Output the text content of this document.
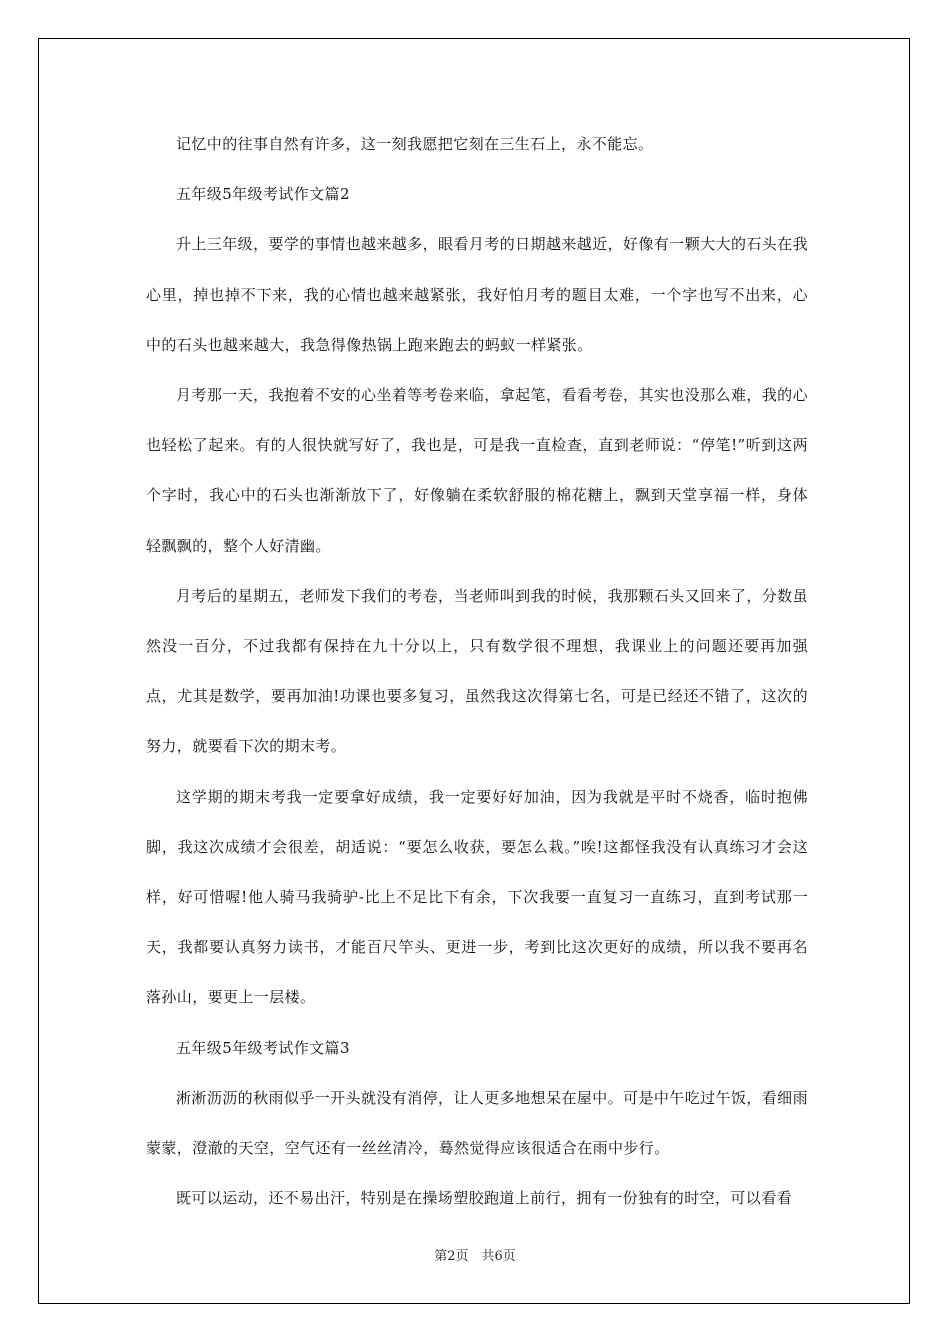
记忆中的往事自然有许多，这一刻我愿把它刻在三生石上，永不能忘。

五年级5年级考试作文篇2

升上三年级，要学的事情也越来越多，眼看月考的日期越来越近，好像有一颗大大的石头在我心里，掉也掉不下来，我的心情也越来越紧张，我好怕月考的题目太难，一个字也写不出来，心中的石头也越来越大，我急得像热锅上跑来跑去的蚂蚁一样紧张。

月考那一天，我抱着不安的心坐着等考卷来临，拿起笔，看看考卷，其实也没那么难，我的心也轻松了起来。有的人很快就写好了，我也是，可是我一直检查，直到老师说：“停笔!”听到这两个字时，我心中的石头也渐渐放下了，好像躺在柔软舒服的棉花糖上，飘到天堂享福一样，身体轻飘飘的，整个人好清幽。

月考后的星期五，老师发下我们的考卷，当老师叫到我的时候，我那颗石头又回来了，分数虽然没一百分，不过我都有保持在九十分以上，只有数学很不理想，我课业上的问题还要再加强点，尤其是数学，要再加油!功课也要多复习，虽然我这次得第七名，可是已经还不错了，这次的努力，就要看下次的期末考。

这学期的期末考我一定要拿好成绩，我一定要好好加油，因为我就是平时不烧香，临时抱佛脚，我这次成绩才会很差，胡适说：“要怎么收获，要怎么栽。”唉!这都怪我没有认真练习才会这样，好可惜喔!他人骑马我骑驴-比上不足比下有余，下次我要一直复习一直练习，直到考试那一天，我都要认真努力读书，才能百尺竿头、更进一步，考到比这次更好的成绩，所以我不要再名落孙山，要更上一层楼。

五年级5年级考试作文篇3

淅淅沥沥的秋雨似乎一开头就没有消停，让人更多地想呆在屋中。可是中午吃过午饭，看细雨蒙蒙，澄澈的天空，空气还有一丝丝清冷，蓦然觉得应该很适合在雨中步行。

既可以运动，还不易出汗，特别是在操场塑胶跑道上前行，拥有一份独有的时空，可以看看

第2页　共6页
